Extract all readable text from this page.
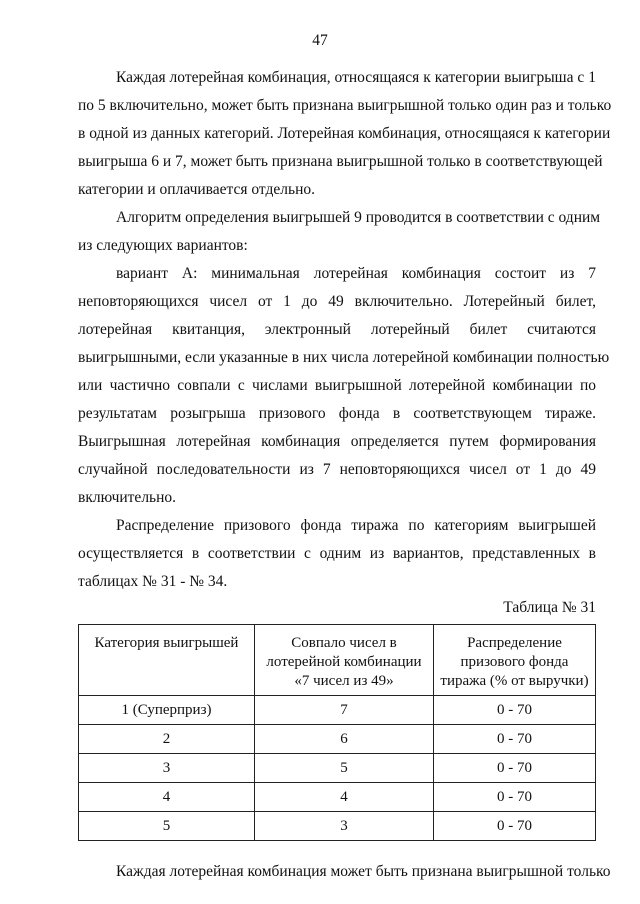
47
Каждая лотерейная комбинация, относящаяся к категории выигрыша с 1
по 5 включительно, может быть признана выигрышной только один раз и только
в одной из данных категорий. Лотерейная комбинация, относящаяся к категории
выигрыша 6 и 7, может быть признана выигрышной только в соответствующей
категории и оплачивается отдельно.
Алгоритм определения выигрышей 9 проводится в соответствии с одним
из следующих вариантов:
вариант А: минимальная лотерейная комбинация состоит из 7
неповторяющихся чисел от 1 до 49 включительно. Лотерейный билет,
лотерейная квитанция, электронный лотерейный билет считаются
выигрышными, если указанные в них числа лотерейной комбинации полностью
или частично совпали с числами выигрышной лотерейной комбинации по
результатам розыгрыша призового фонда в соответствующем тираже.
Выигрышная лотерейная комбинация определяется путем формирования
случайной последовательности из 7 неповторяющихся чисел от 1 до 49
включительно.
Распределение призового фонда тиража по категориям выигрышей
осуществляется в соответствии с одним из вариантов, представленных в
таблицах № 31 - № 34.
Таблица № 31
Категория выигрышей	Совпало чисел в лотерейной комбинации «7 чисел из 49»	Распределение призового фонда тиража (% от выручки)
1 (Суперприз)	7	0 - 70
2	6	0 - 70
3	5	0 - 70
4	4	0 - 70
5	3	0 - 70
Каждая лотерейная комбинация может быть признана выигрышной только
